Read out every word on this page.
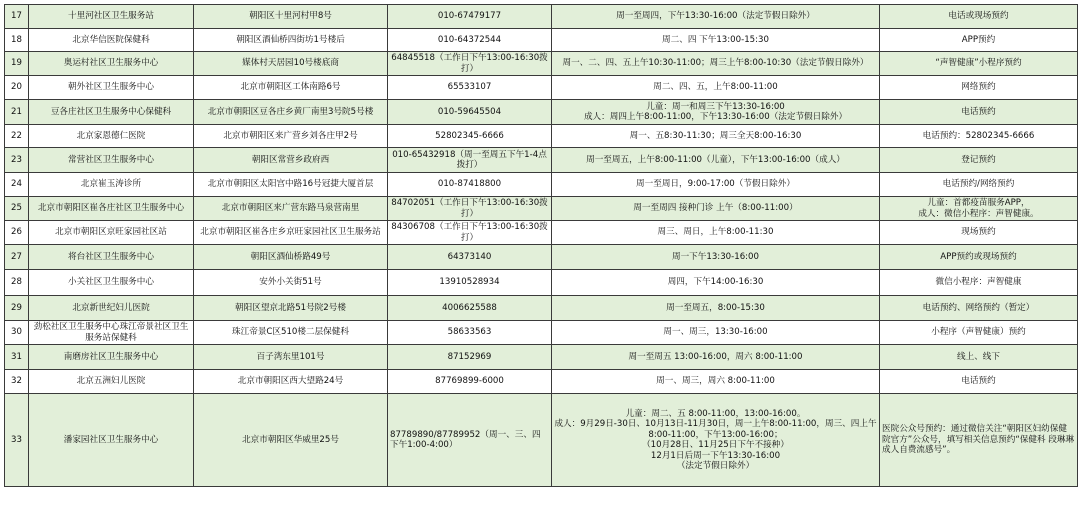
17	十里河社区卫生服务站	朝阳区十里河村甲8号	010-67479177	周一至周四，下午13:30-16:00（法定节假日除外）	电话或现场预约
18	北京华信医院保健科	朝阳区酒仙桥四街坊1号楼后	010-64372544	周二、四 下午13:00-15:30	APP预约
19	奥运村社区卫生服务中心	媒体村天居园10号楼底商	64845518（工作日下午13:00-16:30拨打）	周一、二、四、五上午10:30-11:00；周三上午8:00-10:30（法定节假日除外）	“声智健康”小程序预约
20	朝外社区卫生服务中心	北京市朝阳区工体南路6号	65533107	周二、四、五，上午8:00-11:00	网络预约
21	豆各庄社区卫生服务中心保健科	北京市朝阳区豆各庄乡黄厂南里3号院5号楼	010-59645504	儿童：周一和周三下午13:30-16:00
成人：周四上午8:00-11:00，下午13:30-16:00（法定节假日除外）	电话预约
22	北京家恩德仁医院	北京市朝阳区来广营乡刘各庄甲2号	52802345-6666	周一、五8:30-11:30；周三全天8:00-16:30	电话预约：52802345-6666
23	常营社区卫生服务中心	朝阳区常营乡政府西	010-65432918（周一至周五下午1-4点拨打）	周一至周五，上午8:00-11:00（儿童），下午13:00-16:00（成人）	登记预约
24	北京崔玉涛诊所	北京市朝阳区太阳宫中路16号冠捷大厦首层	010-87418800	周一至周日，9:00-17:00（节假日除外）	电话预约/网络预约
25	北京市朝阳区崔各庄社区卫生服务中心	北京市朝阳区来广营东路马泉营南里	84702051（工作日下午13:00-16:30拨打）	周一至周四 接种门诊 上午（8:00-11:00）	儿童：首都疫苗服务APP，
成人：微信小程序：声智健康。

26	北京市朝阳区京旺家园社区站	北京市朝阳区崔各庄乡京旺家园社区卫生服务站	84306708（工作日下午13:00-16:30拨打）	周三、周日，上午8:00-11:30	现场预约
27	将台社区卫生服务中心	朝阳区酒仙桥路49号	64373140	周一下午13:30-16:00	APP预约或现场预约
28	小关社区卫生服务中心	安外小关街51号	13910528934	周四，下午14:00-16:30	微信小程序：声智健康
29	北京新世纪妇儿医院	朝阳区望京北路51号院2号楼	4006625588	周一至周五，8:00-15:30	电话预约、网络预约（暂定）
30	劲松社区卫生服务中心珠江帝景社区卫生服务站保健科	珠江帝景C区510楼二层保健科	58633563	周一、周三，13:30-16:00	小程序（声智健康）预约
31	南磨房社区卫生服务中心	百子湾东里101号	87152969	周一至周五 13:00-16:00，周六 8:00-11:00	线上、线下
32	北京五洲妇儿医院	北京市朝阳区西大望路24号	87769899-6000	周一、周三，周六 8:00-11:00	电话预约
33	潘家园社区卫生服务中心	北京市朝阳区华威里25号	87789890/87789952（周一、三、四下午1:00-4:00）	儿童：周二、五 8:00-11:00，13:00-16:00。
成人：9月29日-30日、10月13日-11月30日，周一上午8:00-11:00，周三、四上午8:00-11:00，下午13:00-16:00；
（10月28日、11月25日下午不接种）
12月1日后周一下午13:30-16:00
（法定节假日除外）	医院公众号预约：通过微信关注“朝阳区妇幼保健院官方”公众号，填写相关信息预约“保健科 段琳琳成人自费流感号”。
